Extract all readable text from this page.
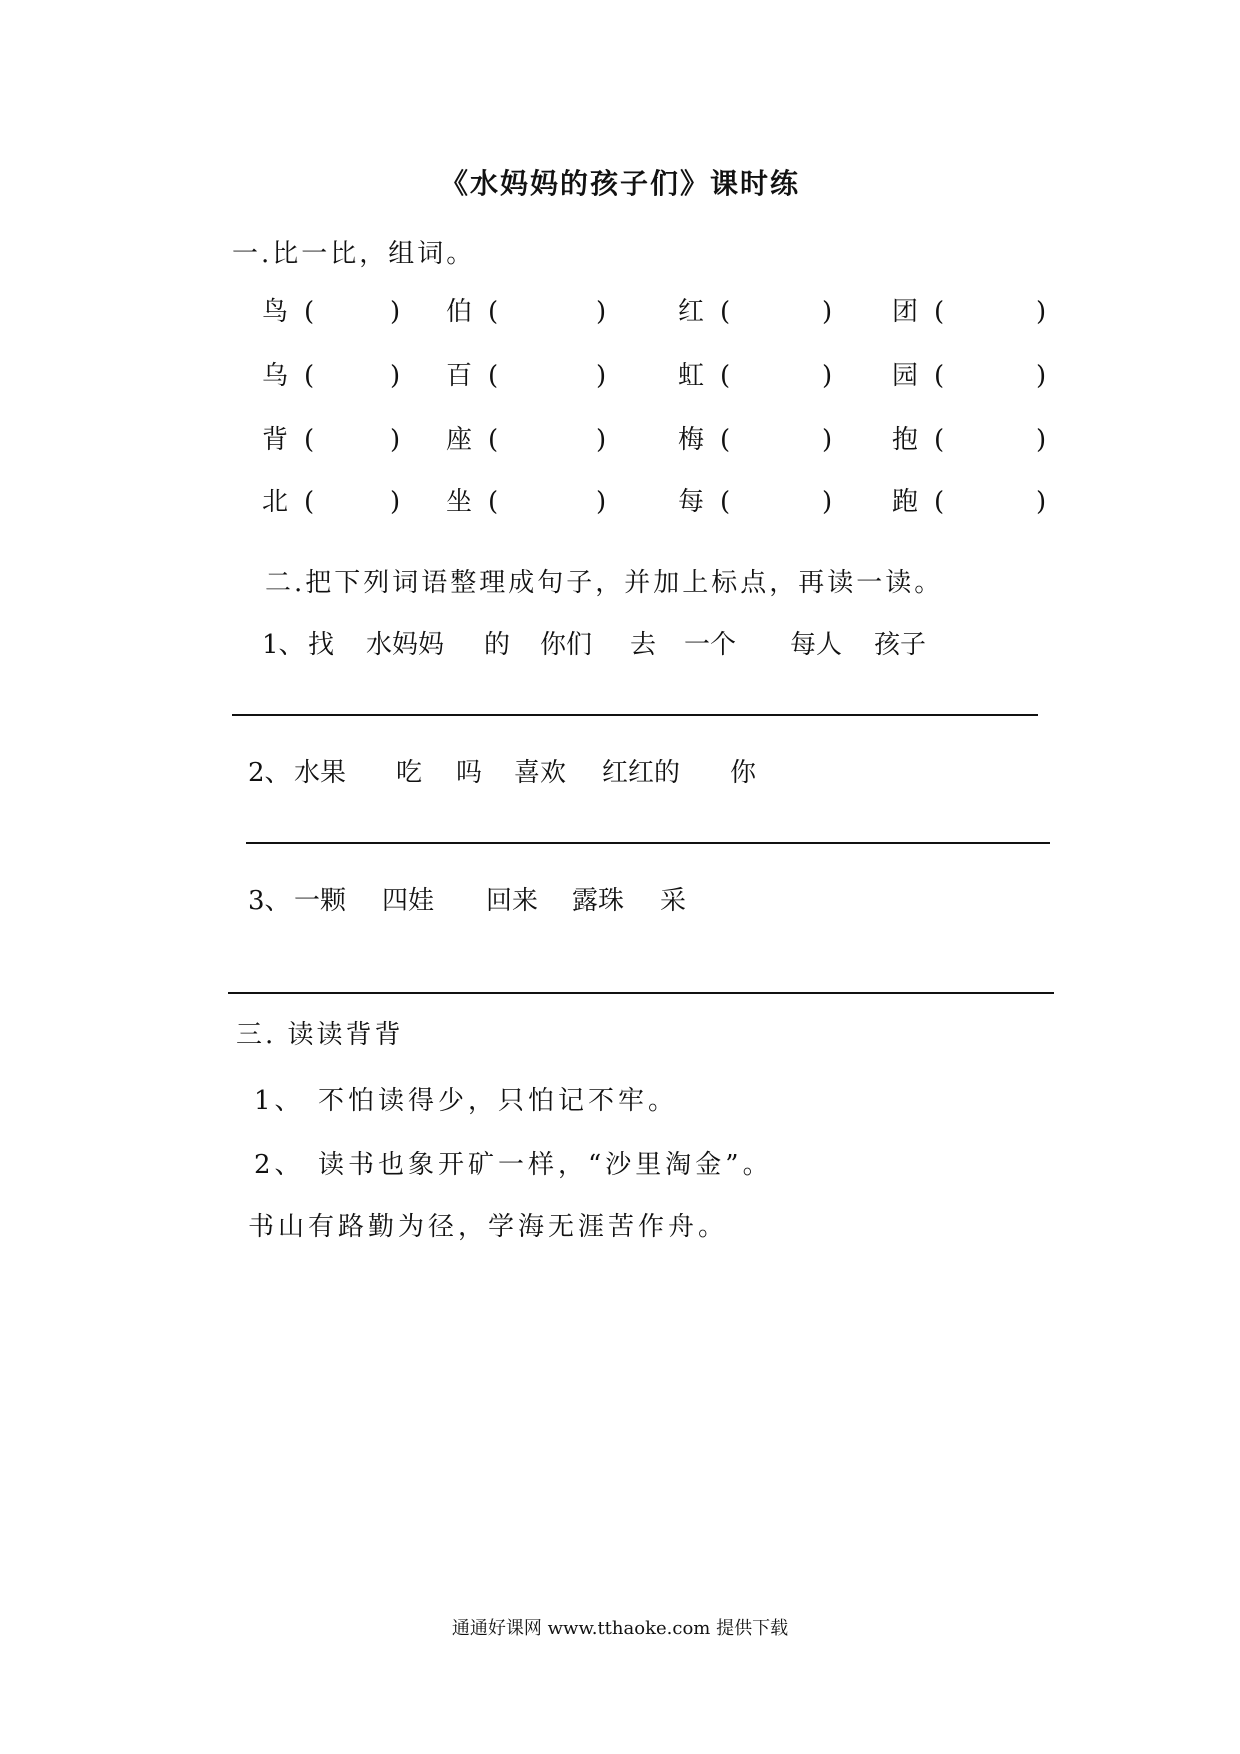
《水妈妈的孩子们》课时练
一.比一比，组词。
鸟 (	) 伯 (	)	红 (	) 团 (	)
乌 (	) 百 (	)	虹 (	) 园 (	)
背 (	) 座 (	)	梅 (	) 抱 (	)
北 (	) 坐 (	)	每 (	) 跑 (	)
二.把下列词语整理成句子，并加上标点，再读一读。
1、 找 水妈妈 的 你们 去 一个 每人 孩子
2、 水果 吃 吗 喜欢 红红的 你
3、 一颗 四娃 回来 露珠 采
三. 读读背背
1、 不怕读得少，只怕记不牢。
2、 读书也象开矿一样，“沙里淘金”。
书山有路勤为径，学海无涯苦作舟。
通通好课网 www.tthaoke.com 提供下载
